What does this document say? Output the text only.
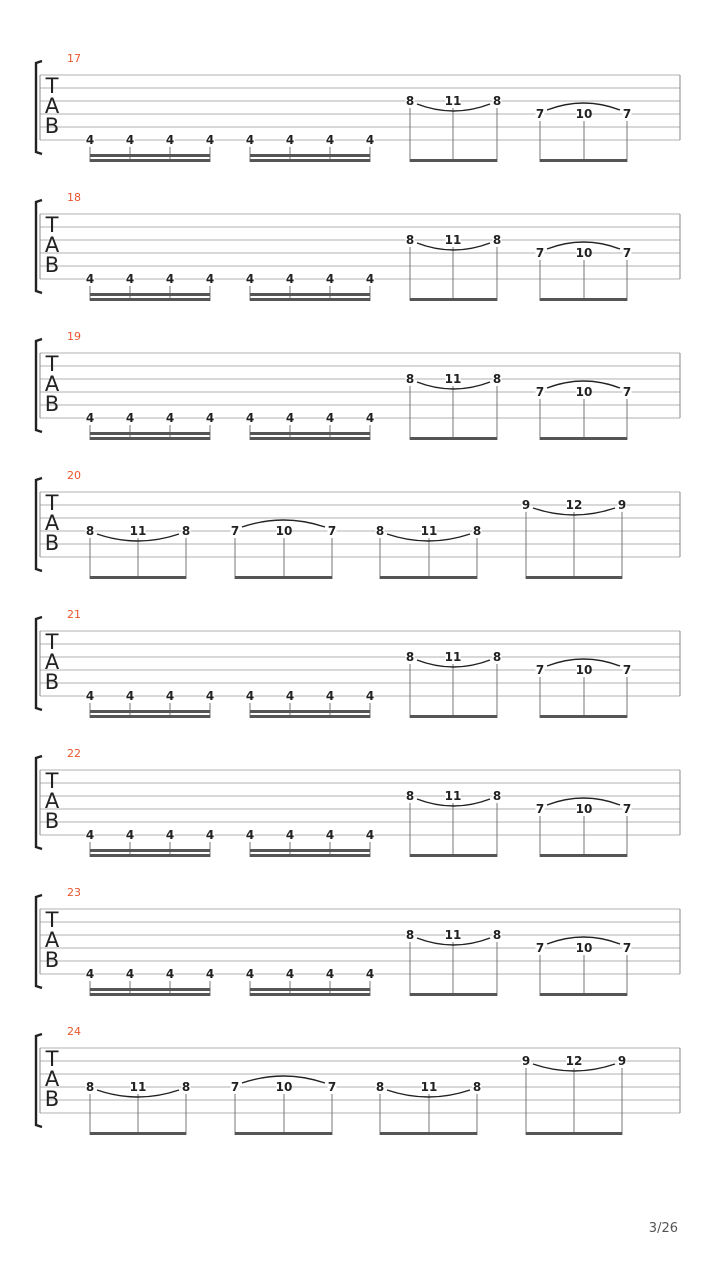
17
T
A
B
4	4	4	4	4	4	4	4
8	11	8
7	10	7
18
T
A
B
4	4	4	4	4	4	4	4
8	11	8
7	10	7
19
T
A
B
4	4	4	4	4	4	4	4
8	11	8
7	10	7
20
T
A
B 8	11	8	7	10	7	8	11	8
9	12	9
21
T
A
B
4	4	4	4	4	4	4	4
8	11	8
7	10	7
22
T
A
B
4	4	4	4	4	4	4	4
8	11	8
7	10	7
23
T
A
B
4	4	4	4	4	4	4	4
8	11	8
7	10	7
24
T
A
B 8	11	8	7	10	7	8	11	8
9	12	9
3/26
